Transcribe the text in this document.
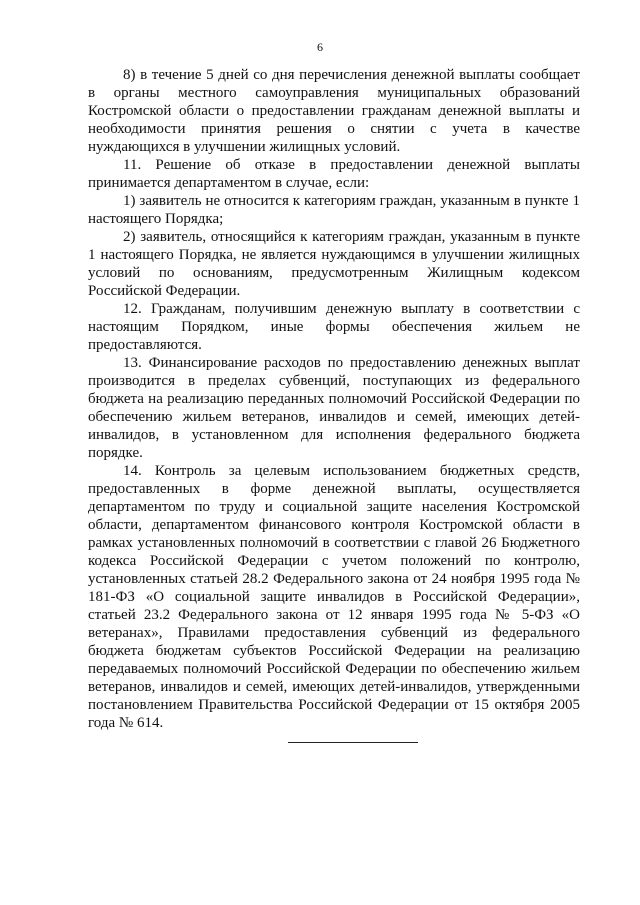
6

8) в течение 5 дней со дня перечисления денежной выплаты сообщает в органы местного самоуправления муниципальных образований Костромской области о предоставлении гражданам денежной выплаты и необходимости принятия решения о снятии с учета в качестве нуждающихся в улучшении жилищных условий.

11. Решение об отказе в предоставлении денежной выплаты принимается департаментом в случае, если:

1) заявитель не относится к категориям граждан, указанным в пункте 1 настоящего Порядка;

2) заявитель, относящийся к категориям граждан, указанным в пункте 1 настоящего Порядка, не является нуждающимся в улучшении жилищных условий по основаниям, предусмотренным Жилищным кодексом Российской Федерации.

12. Гражданам, получившим денежную выплату в соответствии с настоящим Порядком, иные формы обеспечения жильем не предоставляются.

13. Финансирование расходов по предоставлению денежных выплат производится в пределах субвенций, поступающих из федерального бюджета на реализацию переданных полномочий Российской Федерации по обеспечению жильем ветеранов, инвалидов и семей, имеющих детей-инвалидов, в установленном для исполнения федерального бюджета порядке.

14. Контроль за целевым использованием бюджетных средств, предоставленных в форме денежной выплаты, осуществляется департаментом по труду и социальной защите населения Костромской области, департаментом финансового контроля Костромской области в рамках установленных полномочий в соответствии с главой 26 Бюджетного кодекса Российской Федерации с учетом положений по контролю, установленных статьей 28.2 Федерального закона от 24 ноября 1995 года № 181-ФЗ «О социальной защите инвалидов в Российской Федерации», статьей 23.2 Федерального закона от 12 января 1995 года № 5-ФЗ «О ветеранах», Правилами предоставления субвенций из федерального бюджета бюджетам субъектов Российской Федерации на реализацию передаваемых полномочий Российской Федерации по обеспечению жильем ветеранов, инвалидов и семей, имеющих детей-инвалидов, утвержденными постановлением Правительства Российской Федерации от 15 октября 2005 года № 614.
